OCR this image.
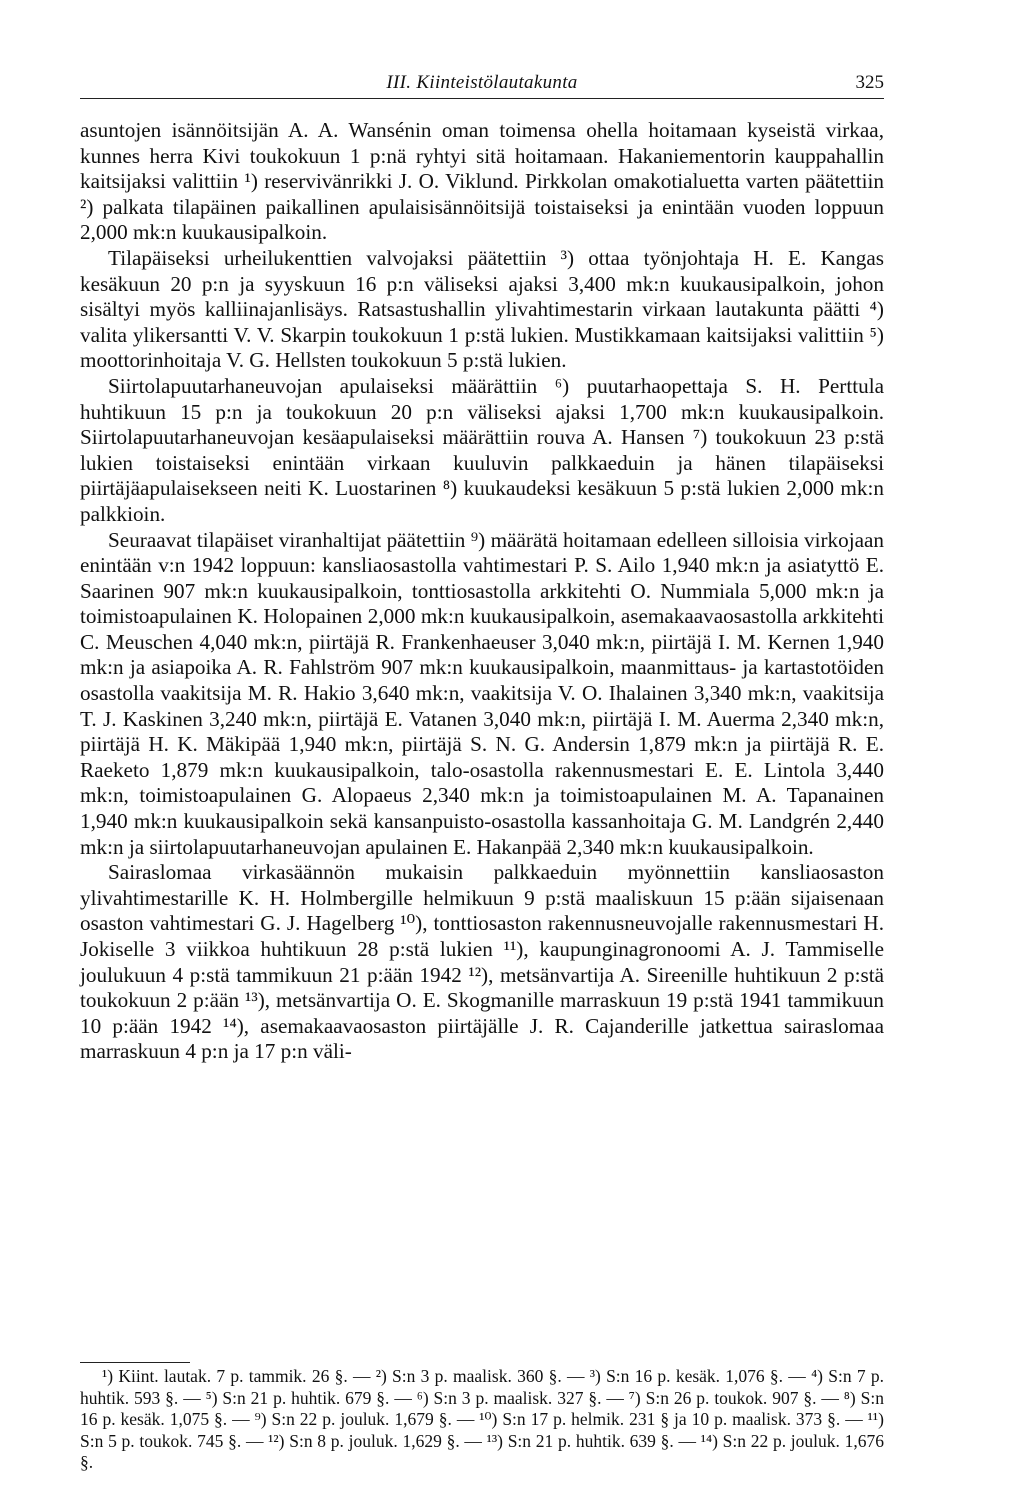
III. Kiinteistölautakunta	325

asuntojen isännöitsijän A. A. Wansénin oman toimensa ohella hoitamaan kyseistä virkaa, kunnes herra Kivi toukokuun 1 p:nä ryhtyi sitä hoitamaan. Hakaniementorin kauppahallin kaitsijaksi valittiin ¹) reservivänrikki J. O. Viklund. Pirkkolan omakotialuetta varten päätettiin ²) palkata tilapäinen paikallinen apulaisisännöitsijä toistaiseksi ja enintään vuoden loppuun 2,000 mk:n kuukausipalkoin.

Tilapäiseksi urheilukenttien valvojaksi päätettiin ³) ottaa työnjohtaja H. E. Kangas kesäkuun 20 p:n ja syyskuun 16 p:n väliseksi ajaksi 3,400 mk:n kuukausipalkoin, johon sisältyi myös kalliinajanlisäys. Ratsastushallin ylivahtimestarin virkaan lautakunta päätti ⁴) valita ylikersantti V. V. Skarpin toukokuun 1 p:stä lukien. Mustikkamaan kaitsijaksi valittiin ⁵) moottorinhoitaja V. G. Hellsten toukokuun 5 p:stä lukien.

Siirtolapuutarhaneuvojan apulaiseksi määrättiin ⁶) puutarhaopettaja S. H. Perttula huhtikuun 15 p:n ja toukokuun 20 p:n väliseksi ajaksi 1,700 mk:n kuukausipalkoin. Siirtolapuutarhaneuvojan kesäapulaiseksi määrättiin rouva A. Hansen ⁷) toukokuun 23 p:stä lukien toistaiseksi enintään virkaan kuuluvin palkkaeduin ja hänen tilapäiseksi piirtäjäapulaisekseen neiti K. Luostarinen ⁸) kuukaudeksi kesäkuun 5 p:stä lukien 2,000 mk:n palkkioin.

Seuraavat tilapäiset viranhaltijat päätettiin ⁹) määrätä hoitamaan edelleen silloisia virkojaan enintään v:n 1942 loppuun: kansliaosastolla vahtimestari P. S. Ailo 1,940 mk:n ja asiatyttö E. Saarinen 907 mk:n kuukausipalkoin, tonttiosastolla arkkitehti O. Nummiala 5,000 mk:n ja toimistoapulainen K. Holopainen 2,000 mk:n kuukausipalkoin, asemakaavaosastolla arkkitehti C. Meuschen 4,040 mk:n, piirtäjä R. Frankenhaeuser 3,040 mk:n, piirtäjä I. M. Kernen 1,940 mk:n ja asiapoika A. R. Fahlström 907 mk:n kuukausipalkoin, maanmittaus- ja kartastotöiden osastolla vaakitsija M. R. Hakio 3,640 mk:n, vaakitsija V. O. Ihalainen 3,340 mk:n, vaakitsija T. J. Kaskinen 3,240 mk:n, piirtäjä E. Vatanen 3,040 mk:n, piirtäjä I. M. Auerma 2,340 mk:n, piirtäjä H. K. Mäkipää 1,940 mk:n, piirtäjä S. N. G. Andersin 1,879 mk:n ja piirtäjä R. E. Raeketo 1,879 mk:n kuukausipalkoin, talo-osastolla rakennusmestari E. E. Lintola 3,440 mk:n, toimistoapulainen G. Alopaeus 2,340 mk:n ja toimistoapulainen M. A. Tapanainen 1,940 mk:n kuukausipalkoin sekä kansanpuisto-osastolla kassanhoitaja G. M. Landgrén 2,440 mk:n ja siirtolapuutarhaneuvojan apulainen E. Hakanpää 2,340 mk:n kuukausipalkoin.

Sairaslomaa virkasäännön mukaisin palkkaeduin myönnettiin kansliaosaston ylivahtimestarille K. H. Holmbergille helmikuun 9 p:stä maaliskuun 15 p:ään sijaisenaan osaston vahtimestari G. J. Hagelberg ¹⁰), tonttiosaston rakennusneuvojalle rakennusmestari H. Jokiselle 3 viikkoa huhtikuun 28 p:stä lukien ¹¹), kaupunginagronoomi A. J. Tammiselle joulukuun 4 p:stä tammikuun 21 p:ään 1942 ¹²), metsänvartija A. Sireenille huhtikuun 2 p:stä toukokuun 2 p:ään ¹³), metsänvartija O. E. Skogmanille marraskuun 19 p:stä 1941 tammikuun 10 p:ään 1942 ¹⁴), asemakaavaosaston piirtäjälle J. R. Cajanderille jatkettua sairaslomaa marraskuun 4 p:n ja 17 p:n väli-

¹) Kiint. lautak. 7 p. tammik. 26 §. — ²) S:n 3 p. maalisk. 360 §. — ³) S:n 16 p. kesäk. 1,076 §. — ⁴) S:n 7 p. huhtik. 593 §. — ⁵) S:n 21 p. huhtik. 679 §. — ⁶) S:n 3 p. maalisk. 327 §. — ⁷) S:n 26 p. toukok. 907 §. — ⁸) S:n 16 p. kesäk. 1,075 §. — ⁹) S:n 22 p. jouluk. 1,679 §. — ¹⁰) S:n 17 p. helmik. 231 § ja 10 p. maalisk. 373 §. — ¹¹) S:n 5 p. toukok. 745 §. — ¹²) S:n 8 p. jouluk. 1,629 §. — ¹³) S:n 21 p. huhtik. 639 §. — ¹⁴) S:n 22 p. jouluk. 1,676 §.
